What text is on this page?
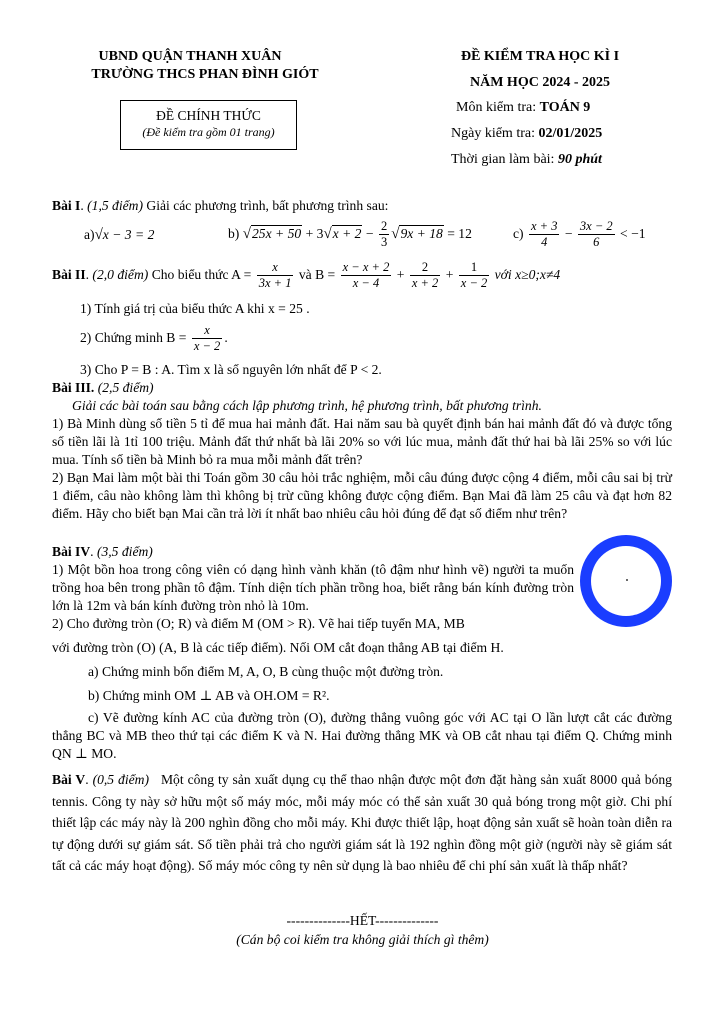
UBND QUẬN THANH XUÂN
TRƯỜNG THCS PHAN ĐÌNH GIÓT
ĐỀ CHÍNH THỨC
(Đề kiểm tra gồm 01 trang)
ĐỀ KIỂM TRA HỌC KÌ I
NĂM HỌC 2024 - 2025
Môn kiểm tra: TOÁN 9
Ngày kiểm tra: 02/01/2025
Thời gian làm bài: 90 phút
Bài I. (1,5 điểm) Giải các phương trình, bất phương trình sau:
a)√x − 3 = 2	b) $√25x + 50 + 3√x + 2 - \frac{2}{3} √9x + 18 = 12$	$c) \frac{x + 3}{4} - \frac{3x - 2}{6} < -1$
Bài II. (2,0 điểm) Cho biểu thức $A = \frac{x}{3x + 1}$ và $B = \frac{x - x + 2}{x - 4} + \frac{2}{x + 2} + \frac{1}{x - 2}$ với x≥0;x≠4
1) Tính giá trị của biểu thức A khi x = 25 .
2) Chứng minh $B = \frac{x}{x - 2}$ .
3) Cho P = B : A. Tìm x là số nguyên lớn nhất để P < 2.
Bài III. (2,5 điểm)
Giải các bài toán sau bằng cách lập phương trình, hệ phương trình, bất phương trình.
1) Bà Minh dùng số tiền 5 tỉ để mua hai mảnh đất. Hai năm sau bà quyết định bán hai mảnh đất đó và được tổng số tiền lãi là 1tỉ 100 triệu. Mảnh đất thứ nhất bà lãi 20% so với lúc mua, mảnh đất thứ hai bà lãi 25% so với lúc mua. Tính số tiền bà Minh bỏ ra mua mỗi mảnh đất trên?
2) Bạn Mai làm một bài thi Toán gồm 30 câu hỏi trắc nghiệm, mỗi câu đúng được cộng 4 điểm, mỗi câu sai bị trừ 1 điểm, câu nào không làm thì không bị trừ cũng không được cộng điểm. Bạn Mai đã làm 25 câu và đạt hơn 82 điểm. Hãy cho biết bạn Mai cần trả lời ít nhất bao nhiêu câu hỏi đúng để đạt số điểm như trên?
Bài IV. (3,5 điểm)
1) Một bồn hoa trong công viên có dạng hình vành khăn (tô đậm như hình vẽ) người ta muốn trồng hoa bên trong phần tô đậm. Tính diện tích phần trồng hoa, biết rằng bán kính đường tròn lớn là 12m và bán kính đường tròn nhỏ là 10m.
2) Cho đường tròn (O; R) và điểm M (OM > R). Vẽ hai tiếp tuyến MA, MB
với đường tròn (O) (A, B là các tiếp điểm). Nối OM cắt đoạn thẳng AB tại điểm H.
a) Chứng minh bốn điểm M, A, O, B cùng thuộc một đường tròn.
b) Chứng minh OM ⊥ AB và OH.OM = R².
c) Vẽ đường kính AC của đường tròn (O), đường thẳng vuông góc với AC tại O lần lượt cắt các đường thẳng BC và MB theo thứ tại các điểm K và N. Hai đường thẳng MK và OB cắt nhau tại điểm Q. Chứng minh QN ⊥ MO.
Bài V. (0,5 điểm) Một công ty sản xuất dụng cụ thể thao nhận được một đơn đặt hàng sản xuất 8000 quả bóng tennis. Công ty này sở hữu một số máy móc, mỗi máy móc có thể sản xuất 30 quả bóng trong một giờ. Chi phí thiết lập các máy này là 200 nghìn đồng cho mỗi máy. Khi được thiết lập, hoạt động sản xuất sẽ hoàn toàn diễn ra tự động dưới sự giám sát. Số tiền phải trả cho người giám sát là 192 nghìn đồng một giờ (người này sẽ giám sát tất cả các máy hoạt động). Số máy móc công ty nên sử dụng là bao nhiêu để chi phí sản xuất là thấp nhất?
--------------HẾT--------------
(Cán bộ coi kiểm tra không giải thích gì thêm)
